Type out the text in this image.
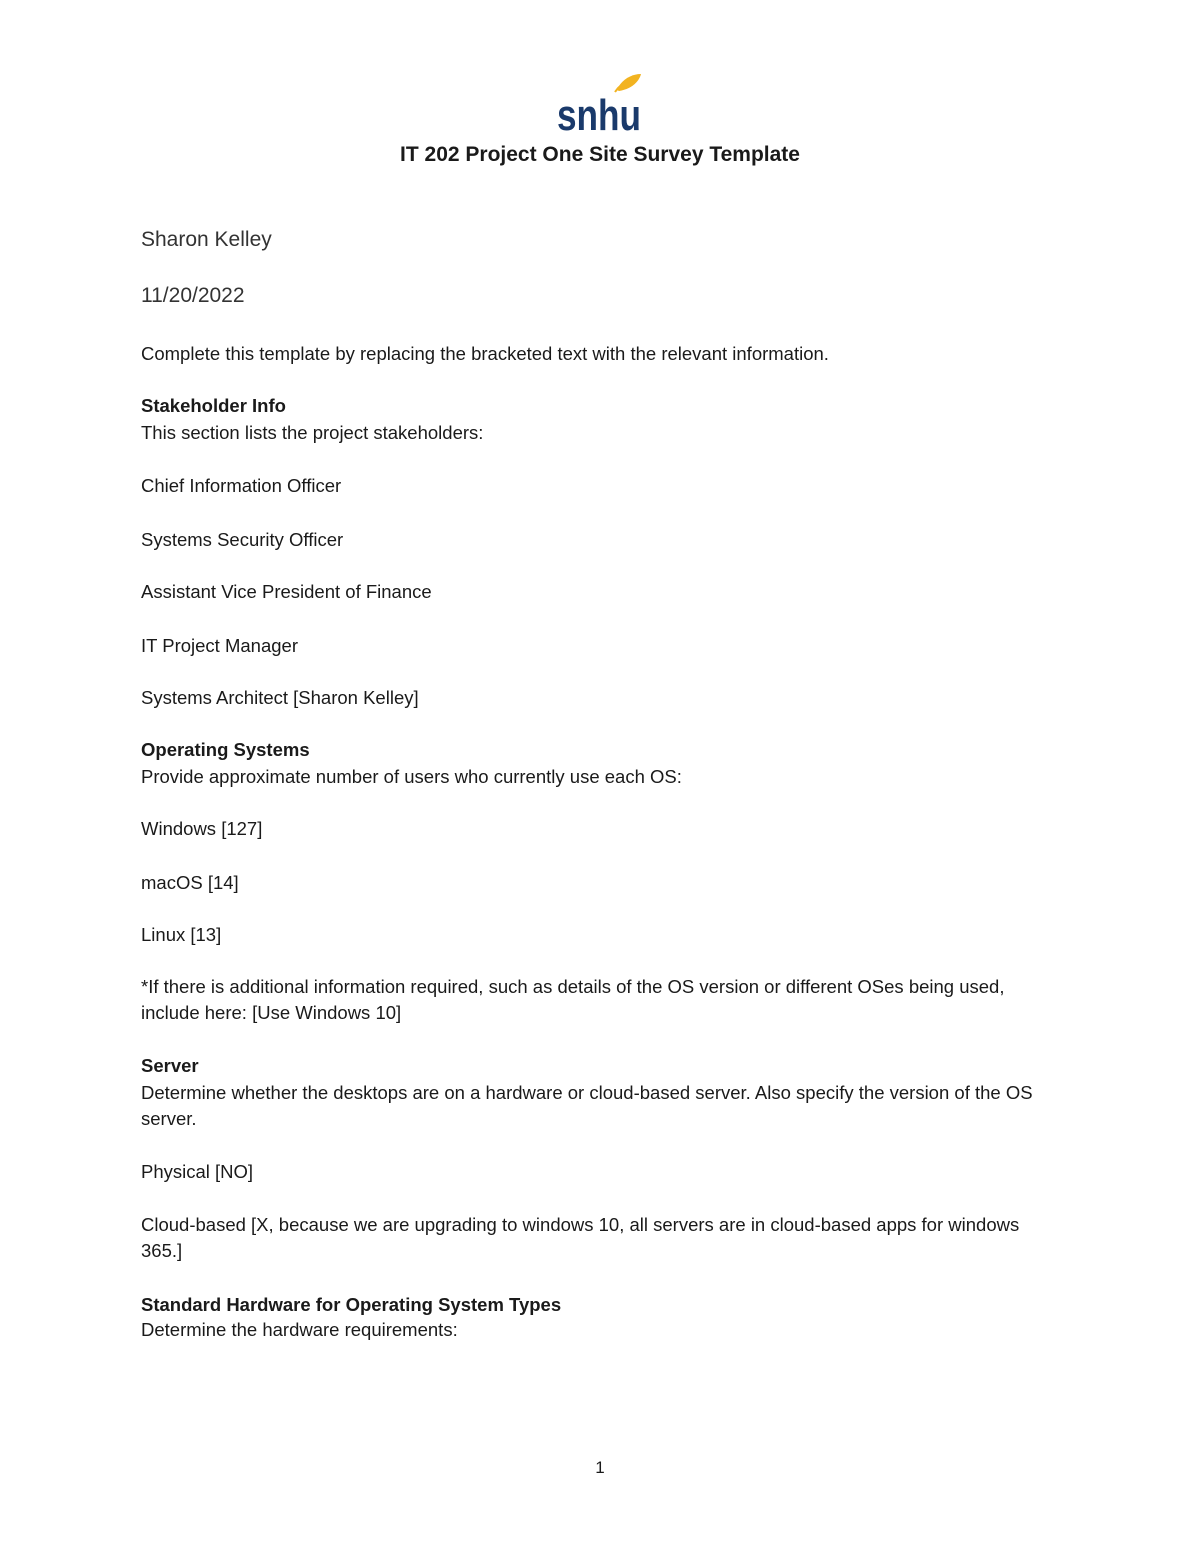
snhu
IT 202 Project One Site Survey Template
Sharon Kelley
11/20/2022
Complete this template by replacing the bracketed text with the relevant information.
Stakeholder Info
This section lists the project stakeholders:
Chief Information Officer
Systems Security Officer
Assistant Vice President of Finance
IT Project Manager
Systems Architect [Sharon Kelley]
Operating Systems
Provide approximate number of users who currently use each OS:
Windows [127]
macOS [14]
Linux [13]
*If there is additional information required, such as details of the OS version or different OSes being used, include here: [Use Windows 10]
Server
Determine whether the desktops are on a hardware or cloud-based server. Also specify the version of the OS server.
Physical [NO]
Cloud-based [X, because we are upgrading to windows 10, all servers are in cloud-based apps for windows 365.]
Standard Hardware for Operating System Types
Determine the hardware requirements:
1
